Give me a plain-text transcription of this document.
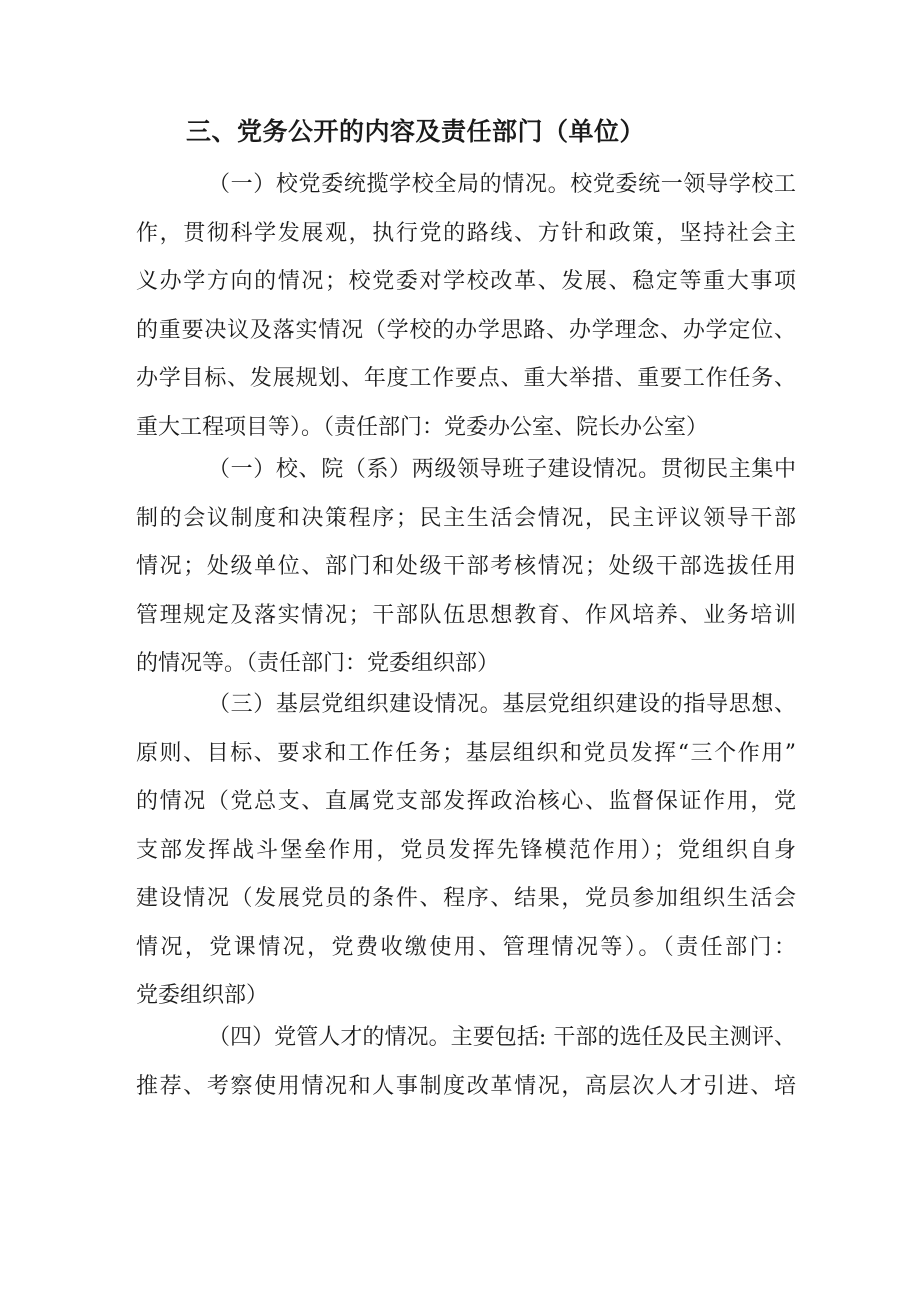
三、党务公开的内容及责任部门（单位）
（一）校党委统揽学校全局的情况。校党委统一领导学校工
作，贯彻科学发展观，执行党的路线、方针和政策，坚持社会主
义办学方向的情况；校党委对学校改革、发展、稳定等重大事项
的重要决议及落实情况（学校的办学思路、办学理念、办学定位、
办学目标、发展规划、年度工作要点、重大举措、重要工作任务、
重大工程项目等）。（责任部门：党委办公室、院长办公室）
（一）校、院（系）两级领导班子建设情况。贯彻民主集中
制的会议制度和决策程序；民主生活会情况，民主评议领导干部
情况；处级单位、部门和处级干部考核情况；处级干部选拔任用
管理规定及落实情况；干部队伍思想教育、作风培养、业务培训
的情况等。（责任部门：党委组织部）
（三）基层党组织建设情况。基层党组织建设的指导思想、
原则、目标、要求和工作任务；基层组织和党员发挥“三个作用”
的情况（党总支、直属党支部发挥政治核心、监督保证作用，党
支部发挥战斗堡垒作用，党员发挥先锋模范作用）；党组织自身
建设情况（发展党员的条件、程序、结果，党员参加组织生活会
情况，党课情况，党费收缴使用、管理情况等）。（责任部门：
党委组织部）
（四）党管人才的情况。主要包括: 干部的选任及民主测评、
推荐、考察使用情况和人事制度改革情况，高层次人才引进、培
